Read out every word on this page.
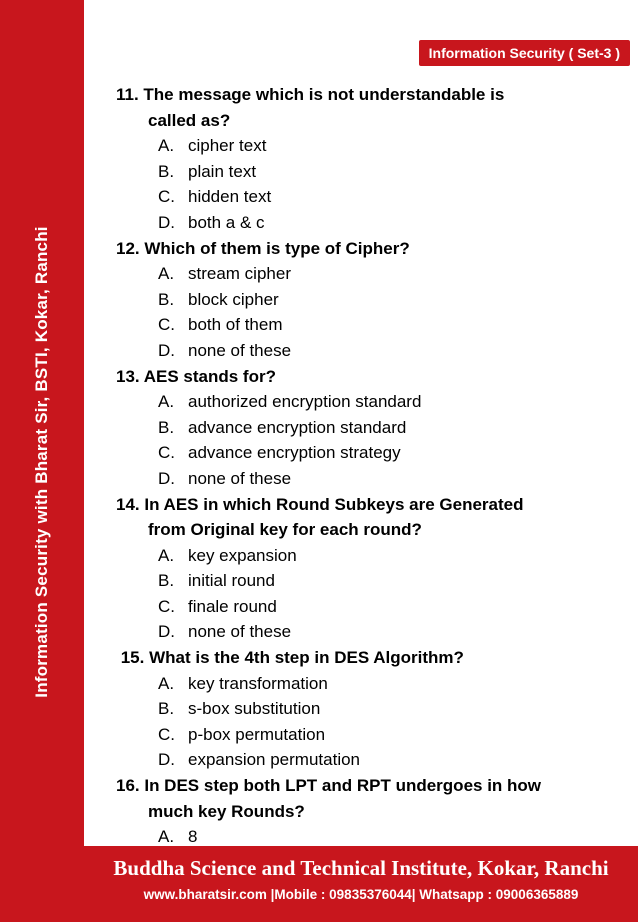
Information Security with Bharat Sir, BSTI, Kokar, Ranchi
Information Security ( Set-3 )
11. The message which is not understandable is
called as?
A. cipher text
B. plain text
C. hidden text
D. both a & c
12. Which of them is type of Cipher?
A. stream cipher
B. block cipher
C. both of them
D. none of these
13. AES stands for?
A. authorized encryption standard
B. advance encryption standard
C. advance encryption strategy
D. none of these
14. In AES in which Round Subkeys are Generated
from Original key for each round?
A. key expansion
B. initial round
C. finale round
D. none of these
15. What is the 4th step in DES Algorithm?
A. key transformation
B. s-box substitution
C. p-box permutation
D. expansion permutation
16. In DES step both LPT and RPT undergoes in how
much key Rounds?
A. 8
Buddha Science and Technical Institute, Kokar, Ranchi
www.bharatsir.com |Mobile : 09835376044| Whatsapp : 09006365889
